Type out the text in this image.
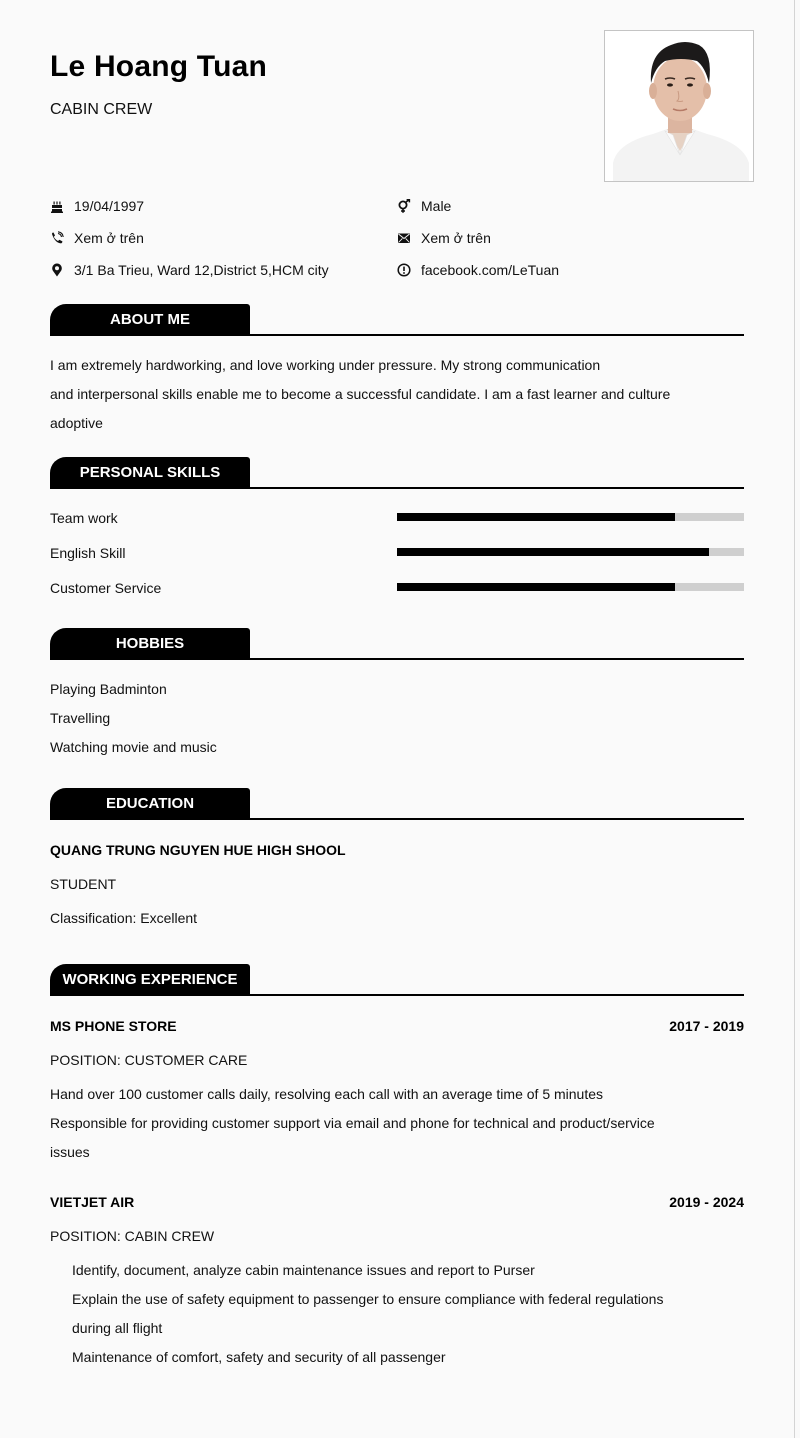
Le Hoang Tuan
CABIN CREW
19/04/1997
Xem ở trên
3/1 Ba Trieu, Ward 12,District 5,HCM city
Male
Xem ở trên
facebook.com/LeTuan
ABOUT ME
I am extremely hardworking, and love working under pressure. My strong communication
and interpersonal skills enable me to become a successful candidate. I am a fast learner and culture
adoptive
PERSONAL SKILLS
Team work
English Skill
Customer Service
HOBBIES
Playing Badminton
Travelling
Watching movie and music
EDUCATION
QUANG TRUNG NGUYEN HUE HIGH SHOOL
STUDENT
Classification: Excellent
WORKING EXPERIENCE
MS PHONE STORE	2017 - 2019
POSITION: CUSTOMER CARE
Hand over 100 customer calls daily, resolving each call with an average time of 5 minutes
Responsible for providing customer support via email and phone for technical and product/service
issues
VIETJET AIR	2019 - 2024
POSITION: CABIN CREW
Identify, document, analyze cabin maintenance issues and report to Purser
Explain the use of safety equipment to passenger to ensure compliance with federal regulations
during all flight
Maintenance of comfort, safety and security of all passenger
